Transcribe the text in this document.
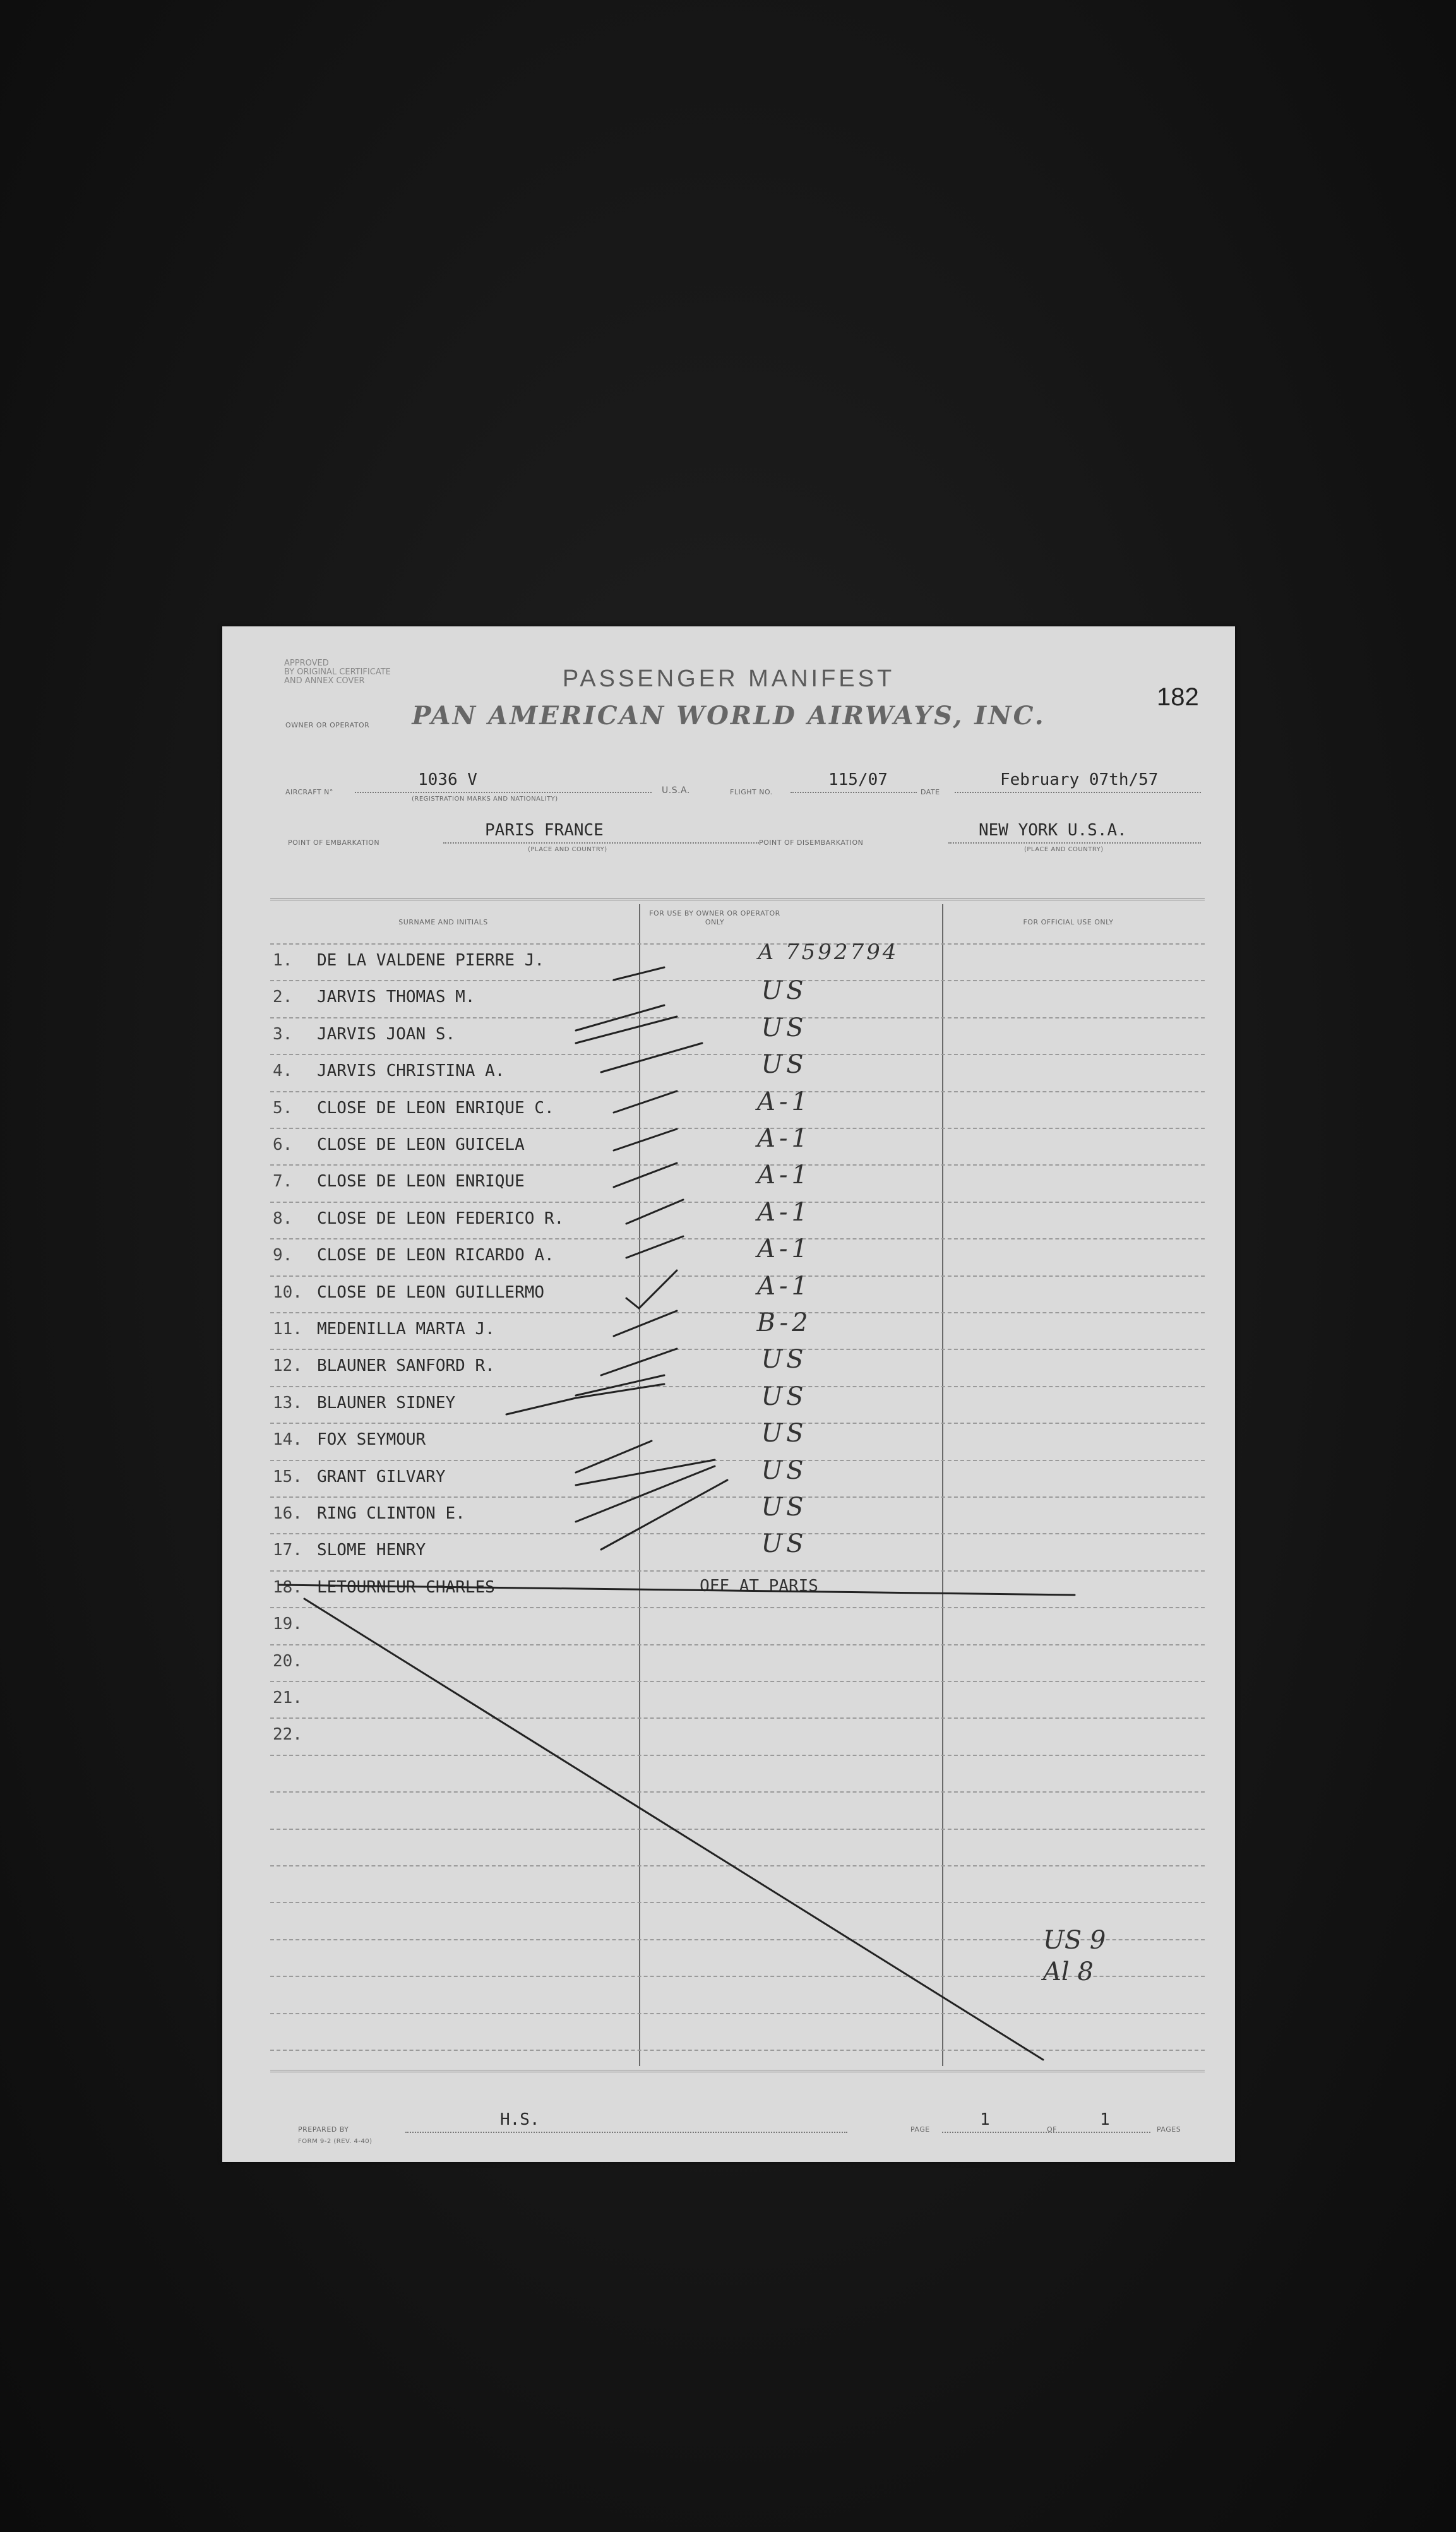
APPROVED
BY ORIGINAL CERTIFICATE
AND ANNEX COVER
OWNER OR OPERATOR
PASSENGER MANIFEST
PAN AMERICAN WORLD AIRWAYS, INC.
182
AIRCRAFT N°
1036 V
(REGISTRATION MARKS AND NATIONALITY)
U.S.A.	FLIGHT NO.
115/07
DATE
February 07th/57
POINT OF EMBARKATION
PARIS FRANCE
(PLACE AND COUNTRY)
POINT OF DISEMBARKATION
NEW YORK U.S.A.
(PLACE AND COUNTRY)
SURNAME AND INITIALS
FOR USE BY OWNER OR OPERATOR ONLY	FOR OFFICIAL USE ONLY
1.	DE LA VALDENE PIERRE J.	A 7592794
2.	JARVIS THOMAS M.	US
3.	JARVIS JOAN S.	US
4.	JARVIS CHRISTINA A.	US
5.	CLOSE DE LEON ENRIQUE C.	A-1
6.	CLOSE DE LEON GUICELA	A-1
7.	CLOSE DE LEON ENRIQUE	A-1
8.	CLOSE DE LEON FEDERICO R.	A-1
9.	CLOSE DE LEON RICARDO A.	A-1
10. CLOSE DE LEON GUILLERMO	A-1
11. MEDENILLA MARTA J.	B-2
12. BLAUNER SANFORD R.	US
13. BLAUNER SIDNEY	US
14. FOX SEYMOUR	US
15. GRANT GILVARY	US
16. RING CLINTON E.	US
17. SLOME HENRY	US
18. LETOURNEUR CHARLES	OFF AT PARIS
19.
20.
21.
22.
US 9
Al 8
PREPARED BY
FORM 9-2 (REV. 4-40)
H.S.
PAGE
1
OF
1
PAGES
